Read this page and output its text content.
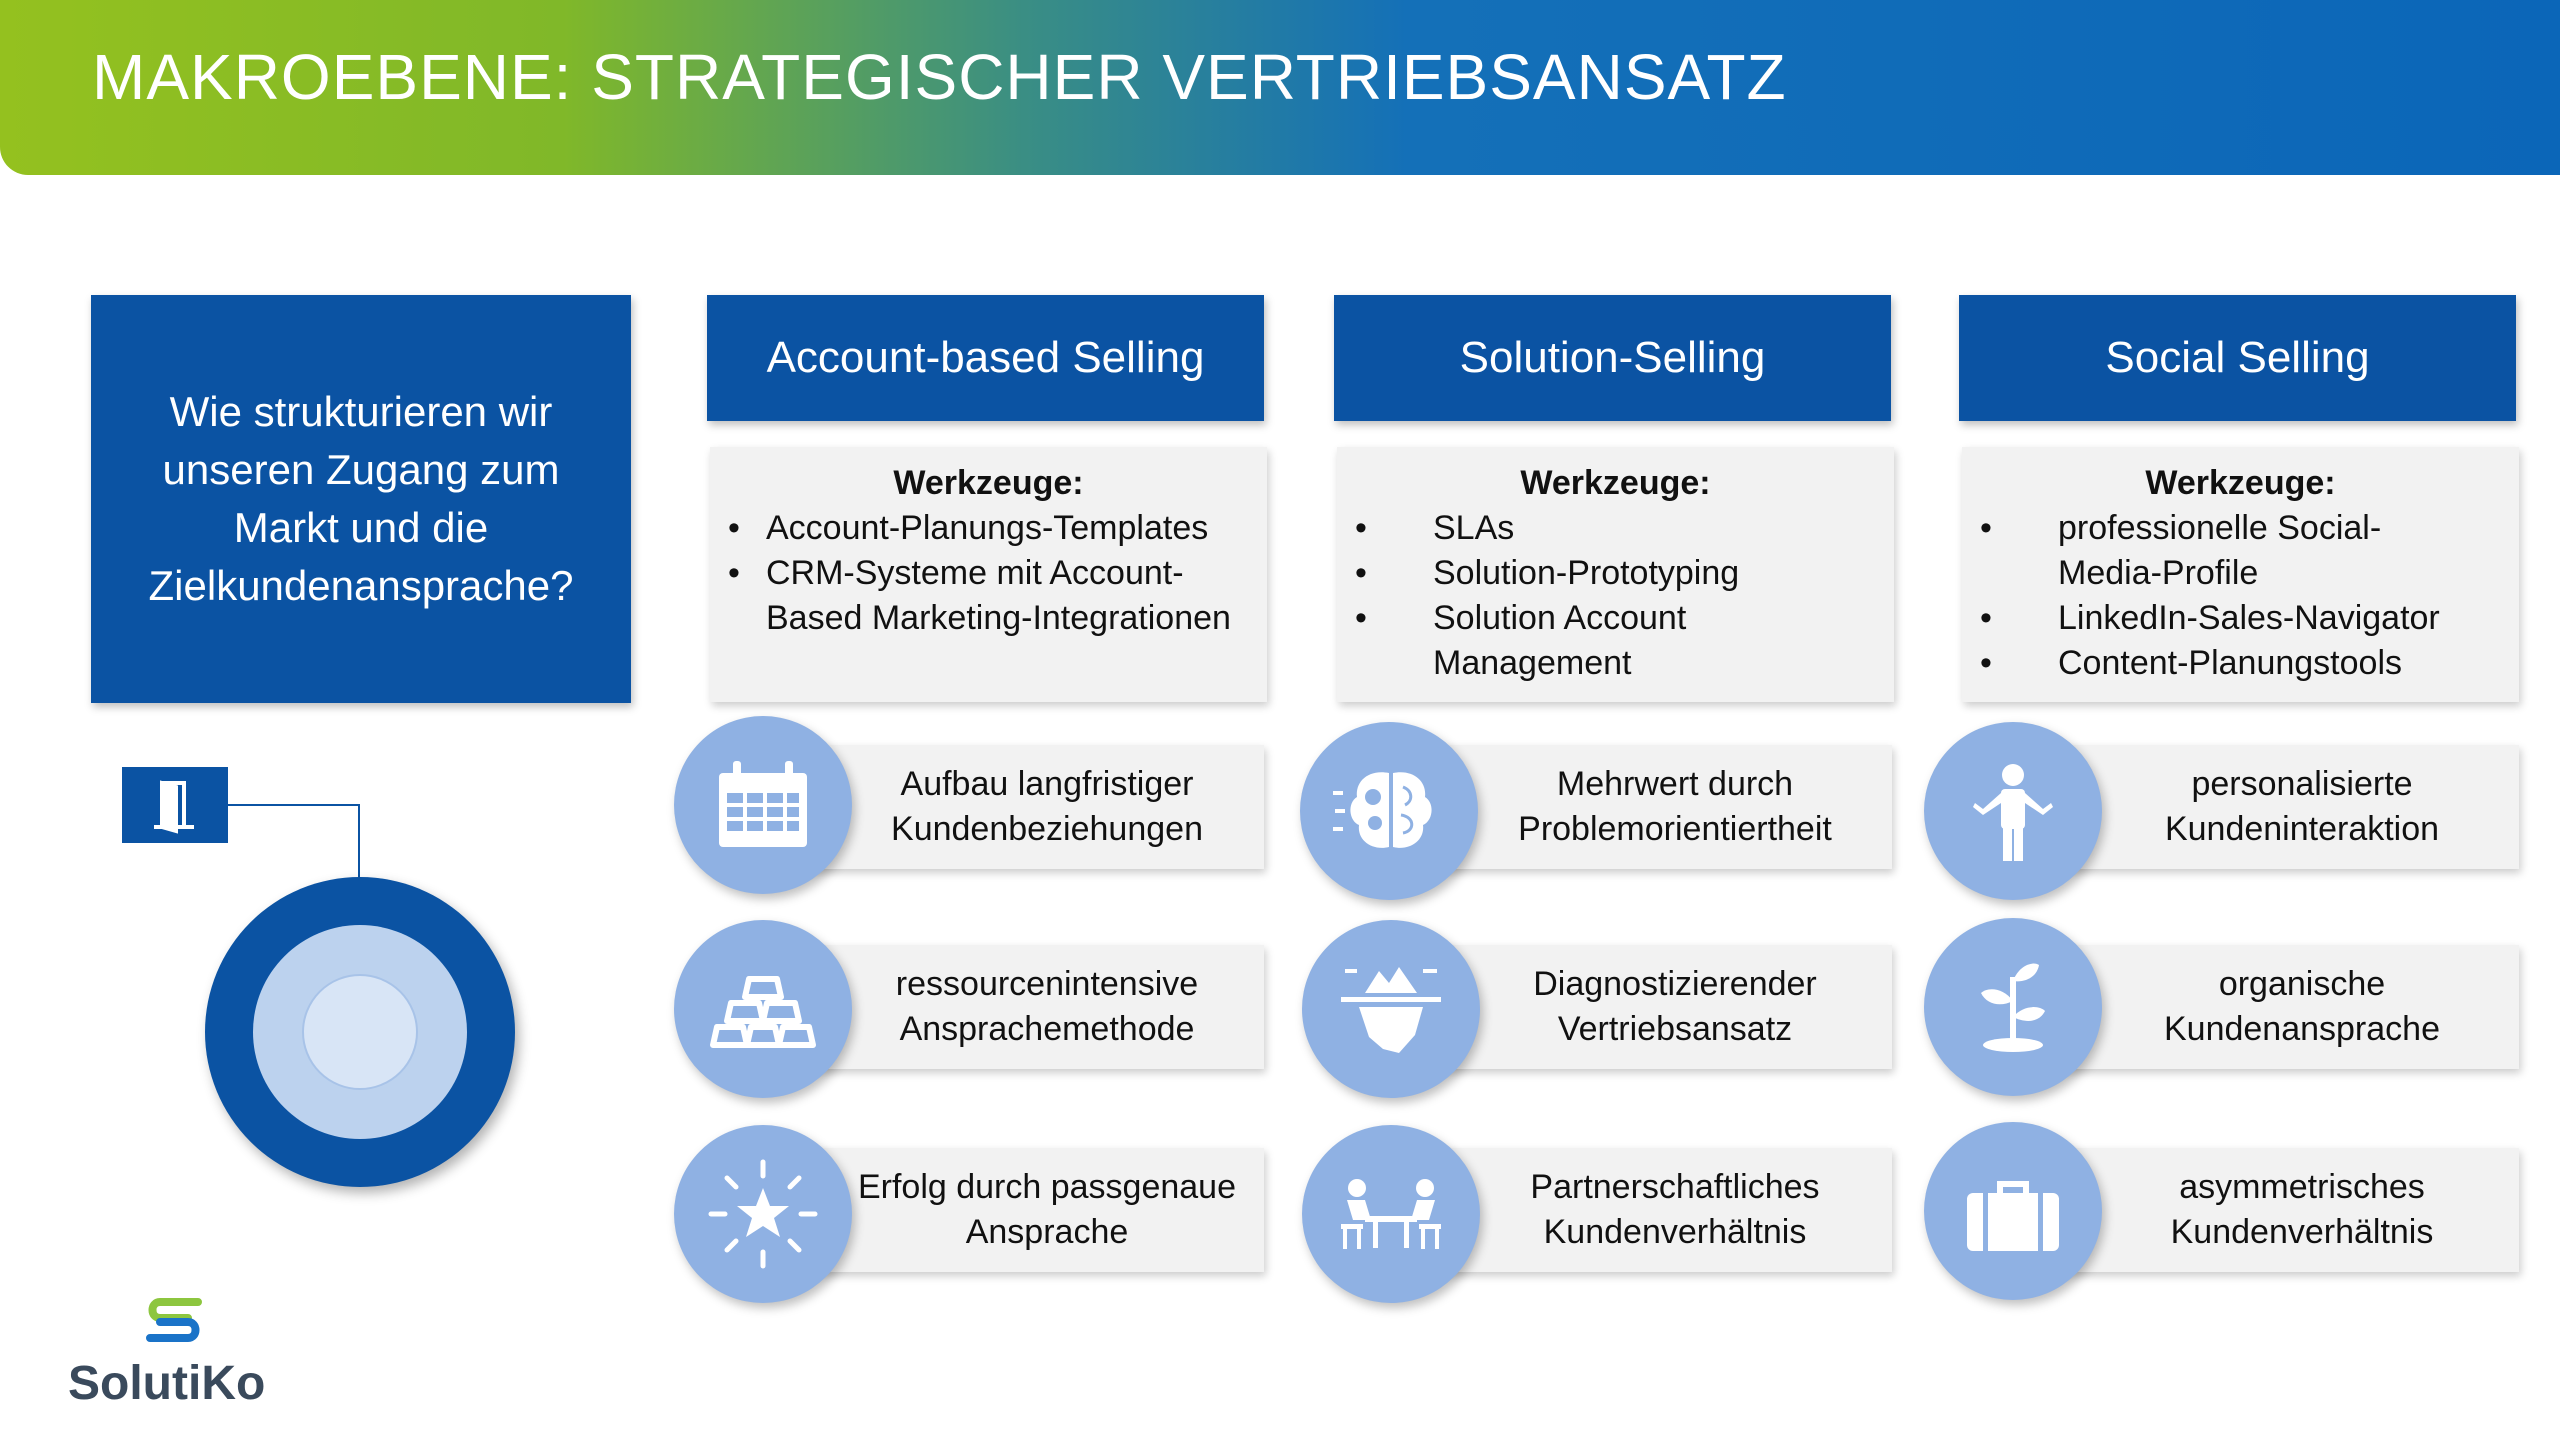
MAKROEBENE: STRATEGISCHER VERTRIEBSANSATZ
Wie strukturieren wir unseren Zugang zum Markt und die Zielkundenansprache?
Account-based Selling
Werkzeuge:
• Account-Planungs-Templates
• CRM-Systeme mit Account-Based Marketing-Integrationen
Solution-Selling
Werkzeuge:
• SLAs
• Solution-Prototyping
• Solution Account Management
Social Selling
Werkzeuge:
• professionelle Social-Media-Profile
• LinkedIn-Sales-Navigator
• Content-Planungstools
Aufbau langfristiger Kundenbeziehungen
ressourcenintensive Ansprachemethode
Erfolg durch passgenaue Ansprache
Mehrwert durch Problemorientiertheit
Diagnostizierender Vertriebsansatz
Partnerschaftliches Kundenverhältnis
personalisierte Kundeninteraktion
organische Kundenansprache
asymmetrisches Kundenverhältnis
SolutiKo
